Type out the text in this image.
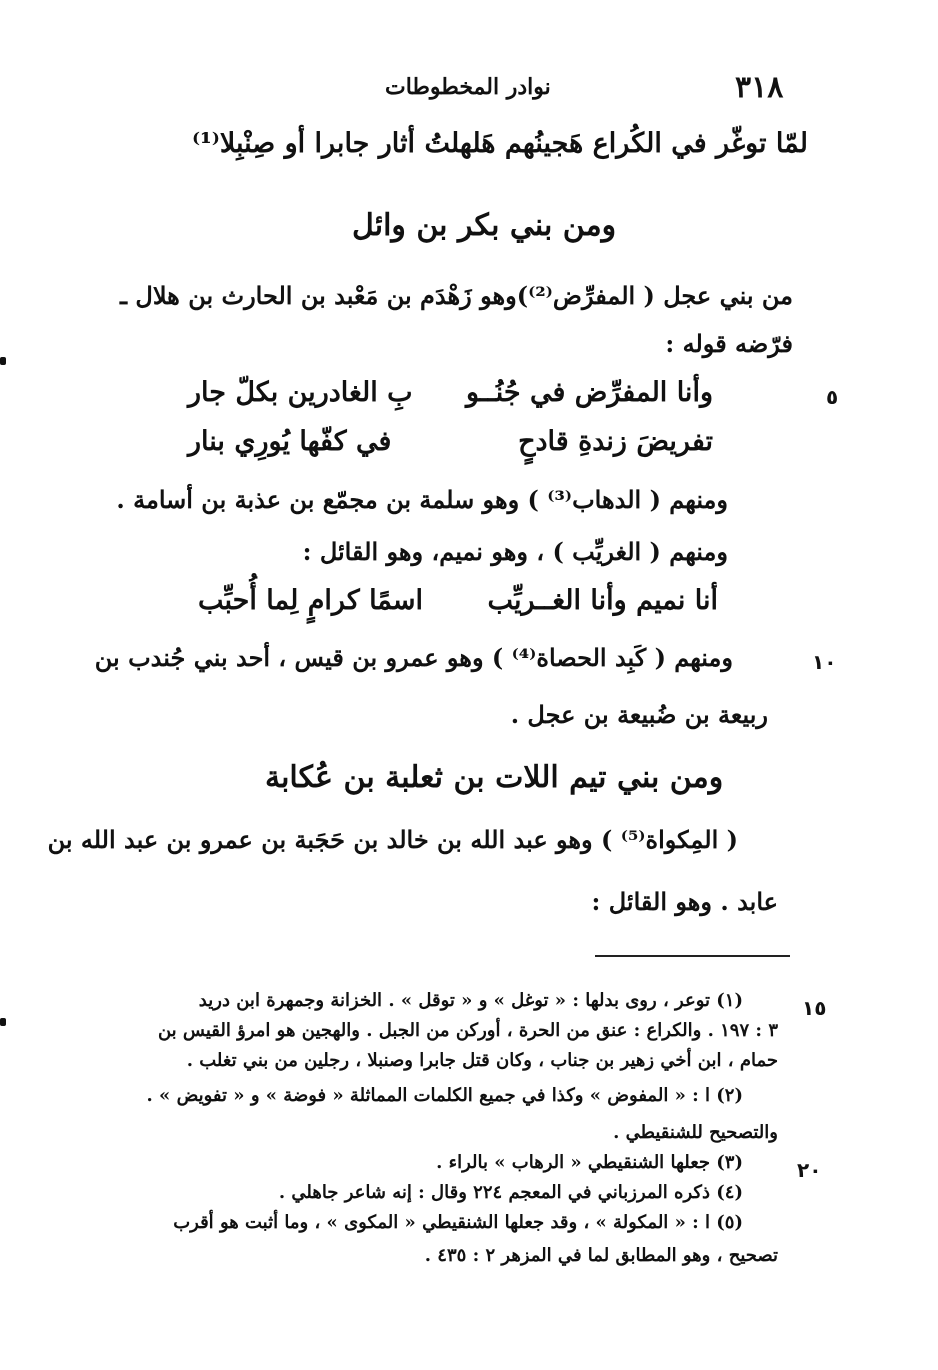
٣١٨
نوادر المخطوطات
لمّا توغّر في الكُراع هَجينُهم هَلهلتُ أثار جابرا أو صِنْبِلا⁽¹⁾
ومن بني بكر بن وائل
من بني عجل ( المفرِّض⁽²⁾)وهو زَهْدَم بن مَعْبد بن الحارث بن هلال ـ
فرّضه قوله :
٥
وأنا المفرِّض في جُنُــو
بِ الغادرين بكلّ جار
تفريضَ زندةِ قادحٍ
في كفّها يُورِي بنار
ومنهم ( الدهاب⁽³⁾ ) وهو سلمة بن مجمّع بن عذبة بن أسامة .
ومنهم ( الغريِّب ) ، وهو نميم، وهو القائل :
أنا نميم وأنا الغــريِّب
اسمًا كرامٍ لِما أُحبِّب
١٠
ومنهم ( كَبِد الحصاة⁽⁴⁾ ) وهو عمرو بن قيس ، أحد بني جُندب بن
ربيعة بن ضُبيعة بن عجل .
ومن بني تيم اللات بن ثعلبة بن عُكابة
( المِكواة⁽⁵⁾ ) وهو عبد الله بن خالد بن حَجَبة بن عمرو بن عبد الله بن
عابد . وهو القائل :
١٥
(١) توعر ، روى بدلها : « توغل » و « توقل » . الخزانة وجمهرة ابن دريد
٣ : ١٩٧ . والكراع : عنق من الحرة ، أوركن من الجبل . والهجين هو امرؤ القيس بن
حمام ، ابن أخي زهير بن جناب ، وكان قتل جابرا وصنبلا ، رجلين من بني تغلب .
(٢) ا : « المفوض » وكذا في جميع الكلمات المماثلة « فوضة » و « تفويض » .
والتصحيح للشنقيطي .
٢٠
(٣) جعلها الشنقيطي « الرهاب » بالراء .
(٤) ذكره المرزباني في المعجم ٢٢٤ وقال : إنه شاعر جاهلي .
(٥) ا : « المكولة » ، وقد جعلها الشنقيطي « المكوى » ، وما أثبت هو أقرب
تصحيح ، وهو المطابق لما في المزهر ٢ : ٤٣٥ .
